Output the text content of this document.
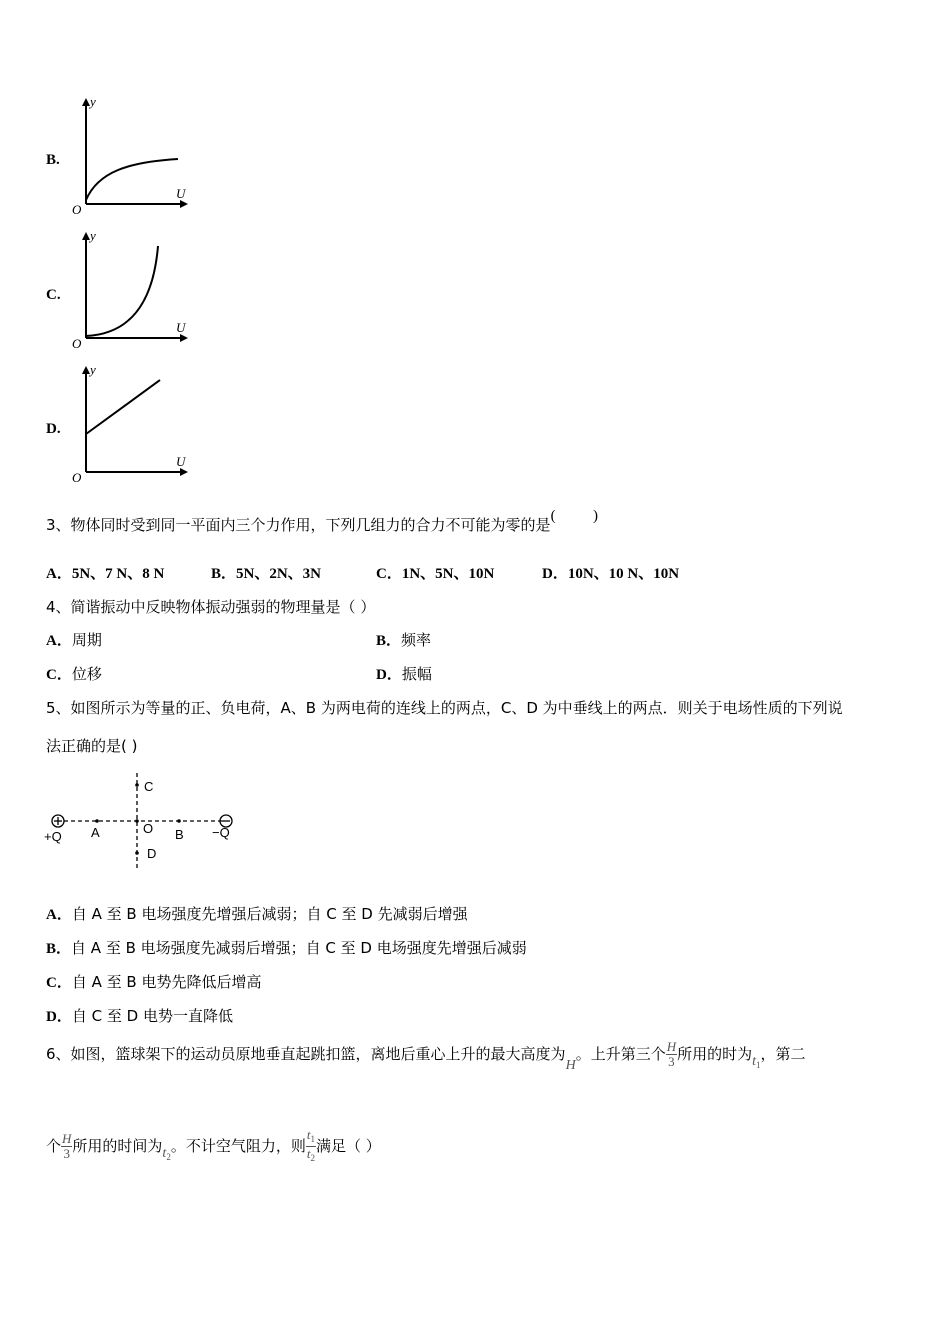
B.
y
U
O
C.
y
U
O
D.
y
U
O
3、物体同时受到同一平面内三个力作用，下列几组力的合力不可能为零的是(          )
A．5N、7 N、8 N	B．5N、2N、3N	C．1N、5N、10N	D．10N、10 N、10N
4、简谐振动中反映物体振动强弱的物理量是（ ）
A．周期	B．频率
C．位移	D．振幅
5、如图所示为等量的正、负电荷，A、B 为两电荷的连线上的两点，C、D 为中垂线上的两点．则关于电场性质的下列说
法正确的是( )
+Q	−Q
A	O B
C
D
A．自 A 至 B 电场强度先增强后减弱；自 C 至 D 先减弱后增强
B．自 A 至 B 电场强度先减弱后增强；自 C 至 D 电场强度先增强后减弱
C．自 A 至 B 电势先降低后增高
D．自 C 至 D 电势一直降低
6、如图，篮球架下的运动员原地垂直起跳扣篮，离地后重心上升的最大高度为H。上升第三个 $\frac{H}{3}$ 所用的时为$t_1$，第二
个 $\frac{H}{3}$ 所用的时间为$t_2$。不计空气阻力，则 $\frac{t_1}{t_2}$ 满足（ ）
